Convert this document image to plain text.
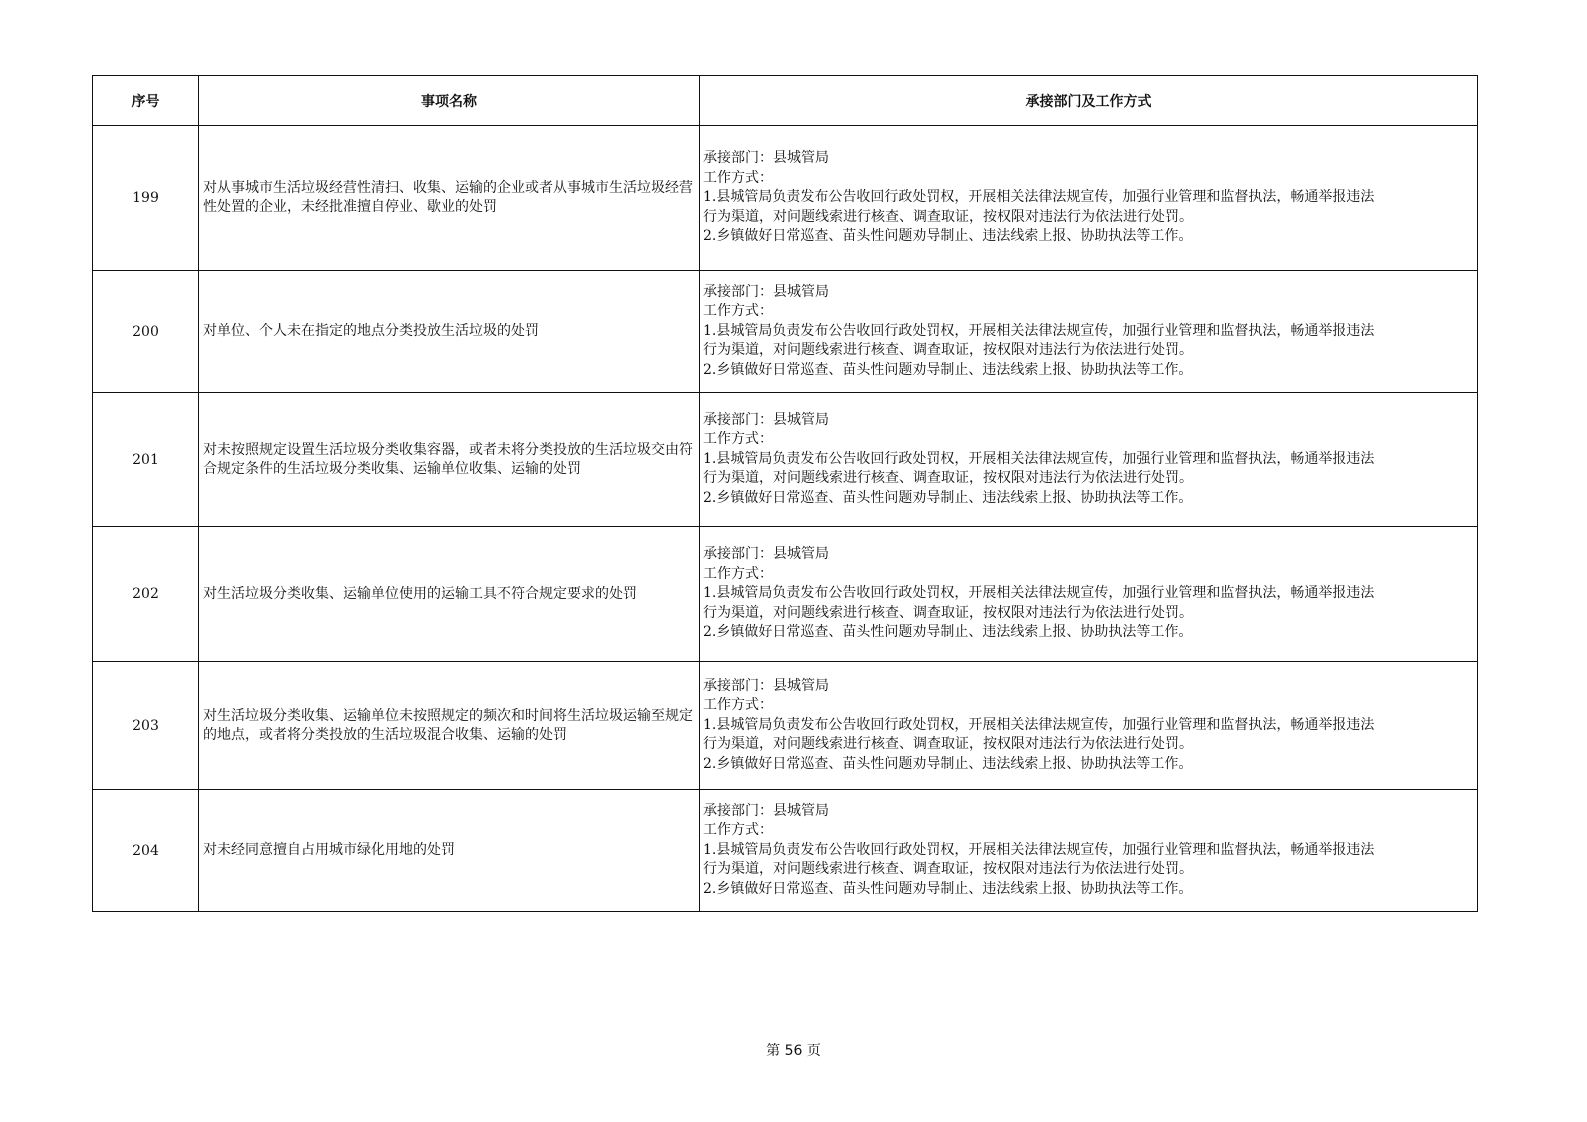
序号	事项名称	承接部门及工作方式
199	对从事城市生活垃圾经营性清扫、收集、运输的企业或者从事城市生活垃圾经营性处置的企业，未经批准擅自停业、歇业的处罚	承接部门：县城管局
工作方式：
1.县城管局负责发布公告收回行政处罚权，开展相关法律法规宣传，加强行业管理和监督执法，畅通举报违法
行为渠道，对问题线索进行核查、调查取证，按权限对违法行为依法进行处罚。
2.乡镇做好日常巡查、苗头性问题劝导制止、违法线索上报、协助执法等工作。

200	对单位、个人未在指定的地点分类投放生活垃圾的处罚	承接部门：县城管局
工作方式：
1.县城管局负责发布公告收回行政处罚权，开展相关法律法规宣传，加强行业管理和监督执法，畅通举报违法
行为渠道，对问题线索进行核查、调查取证，按权限对违法行为依法进行处罚。
2.乡镇做好日常巡查、苗头性问题劝导制止、违法线索上报、协助执法等工作。

201	对未按照规定设置生活垃圾分类收集容器，或者未将分类投放的生活垃圾交由符合规定条件的生活垃圾分类收集、运输单位收集、运输的处罚	承接部门：县城管局
工作方式：
1.县城管局负责发布公告收回行政处罚权，开展相关法律法规宣传，加强行业管理和监督执法，畅通举报违法
行为渠道，对问题线索进行核查、调查取证，按权限对违法行为依法进行处罚。
2.乡镇做好日常巡查、苗头性问题劝导制止、违法线索上报、协助执法等工作。

202	对生活垃圾分类收集、运输单位使用的运输工具不符合规定要求的处罚	承接部门：县城管局
工作方式：
1.县城管局负责发布公告收回行政处罚权，开展相关法律法规宣传，加强行业管理和监督执法，畅通举报违法
行为渠道，对问题线索进行核查、调查取证，按权限对违法行为依法进行处罚。
2.乡镇做好日常巡查、苗头性问题劝导制止、违法线索上报、协助执法等工作。

203	对生活垃圾分类收集、运输单位未按照规定的频次和时间将生活垃圾运输至规定的地点，或者将分类投放的生活垃圾混合收集、运输的处罚	承接部门：县城管局
工作方式：
1.县城管局负责发布公告收回行政处罚权，开展相关法律法规宣传，加强行业管理和监督执法，畅通举报违法
行为渠道，对问题线索进行核查、调查取证，按权限对违法行为依法进行处罚。
2.乡镇做好日常巡查、苗头性问题劝导制止、违法线索上报、协助执法等工作。

204	对未经同意擅自占用城市绿化用地的处罚	承接部门：县城管局
工作方式：
1.县城管局负责发布公告收回行政处罚权，开展相关法律法规宣传，加强行业管理和监督执法，畅通举报违法
行为渠道，对问题线索进行核查、调查取证，按权限对违法行为依法进行处罚。
2.乡镇做好日常巡查、苗头性问题劝导制止、违法线索上报、协助执法等工作。
第 56 页
